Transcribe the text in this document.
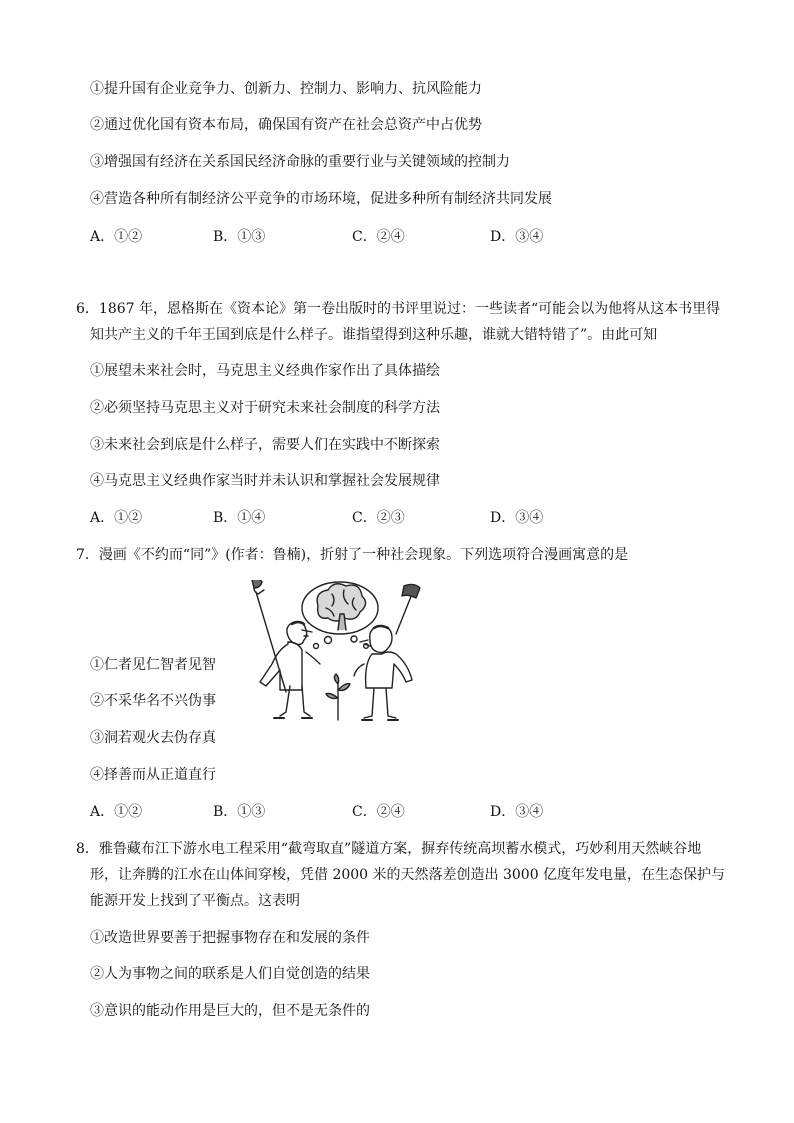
①提升国有企业竞争力、创新力、控制力、影响力、抗风险能力
②通过优化国有资本布局，确保国有资产在社会总资产中占优势
③增强国有经济在关系国民经济命脉的重要行业与关键领域的控制力
④营造各种所有制经济公平竞争的市场环境，促进多种所有制经济共同发展
A．①②	B．①③	C．②④	D．③④
6．1867 年，恩格斯在《资本论》第一卷出版时的书评里说过：一些读者“可能会以为他将从这本书里得
知共产主义的千年王国到底是什么样子。谁指望得到这种乐趣，谁就大错特错了”。由此可知
①展望未来社会时，马克思主义经典作家作出了具体描绘
②必须坚持马克思主义对于研究未来社会制度的科学方法
③未来社会到底是什么样子，需要人们在实践中不断探索
④马克思主义经典作家当时并未认识和掌握社会发展规律
A．①②	B．①④	C．②③	D．③④
7．漫画《不约而“同”》(作者：鲁楠)，折射了一种社会现象。下列选项符合漫画寓意的是
①仁者见仁智者见智
②不采华名不兴伪事
③洞若观火去伪存真
④择善而从正道直行
A．①②	B．①③	C．②④	D．③④
8．雅鲁藏布江下游水电工程采用“截弯取直”隧道方案，摒弃传统高坝蓄水模式，巧妙利用天然峡谷地
形，让奔腾的江水在山体间穿梭，凭借 2000 米的天然落差创造出 3000 亿度年发电量，在生态保护与
能源开发上找到了平衡点。这表明
①改造世界要善于把握事物存在和发展的条件
②人为事物之间的联系是人们自觉创造的结果
③意识的能动作用是巨大的，但不是无条件的
